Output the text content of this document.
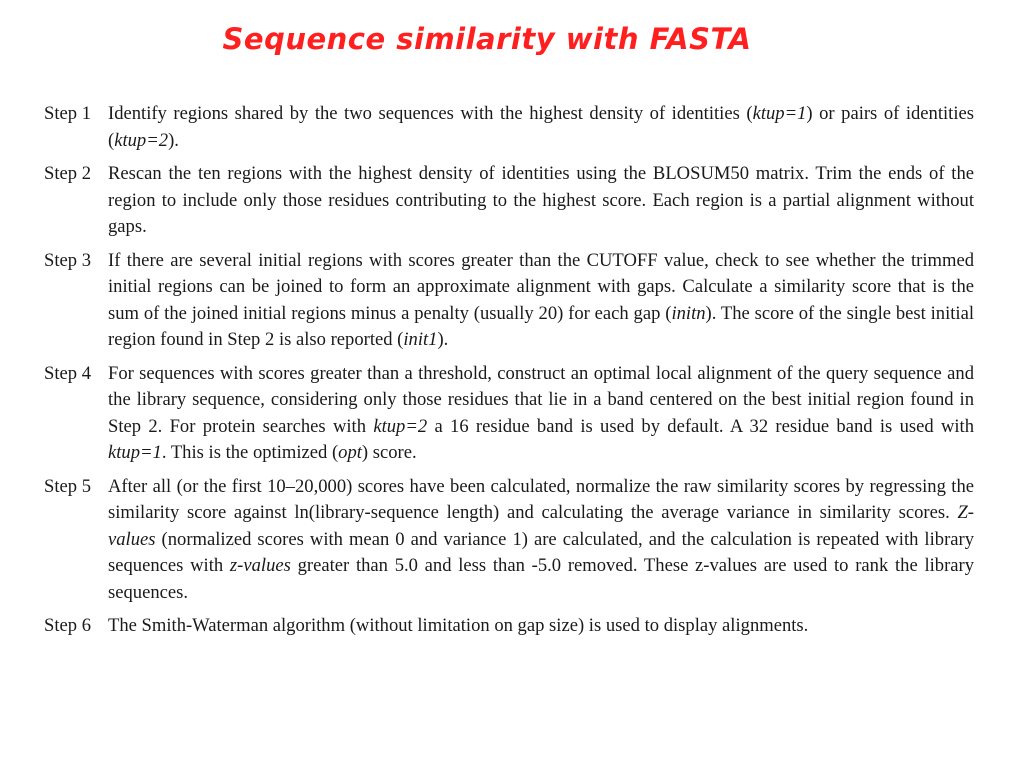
Sequence similarity with FASTA
Step 1 Identify regions shared by the two sequences with the highest density of identities (ktup=1) or pairs of identities (ktup=2).
Step 2 Rescan the ten regions with the highest density of identities using the BLOSUM50 matrix. Trim the ends of the region to include only those residues contributing to the highest score. Each region is a partial alignment without gaps.
Step 3 If there are several initial regions with scores greater than the CUTOFF value, check to see whether the trimmed initial regions can be joined to form an approximate alignment with gaps. Calculate a similarity score that is the sum of the joined initial regions minus a penalty (usually 20) for each gap (initn). The score of the single best initial region found in Step 2 is also reported (init1).
Step 4 For sequences with scores greater than a threshold, construct an optimal local alignment of the query sequence and the library sequence, considering only those residues that lie in a band centered on the best initial region found in Step 2. For protein searches with ktup=2 a 16 residue band is used by default. A 32 residue band is used with ktup=1. This is the optimized (opt) score.
Step 5 After all (or the first 10–20,000) scores have been calculated, normalize the raw similarity scores by regressing the similarity score against ln(library-sequence length) and calculating the average variance in similarity scores. Z-values (normalized scores with mean 0 and variance 1) are calculated, and the calculation is repeated with library sequences with z-values greater than 5.0 and less than -5.0 removed. These z-values are used to rank the library sequences.
Step 6 The Smith-Waterman algorithm (without limitation on gap size) is used to display alignments.
